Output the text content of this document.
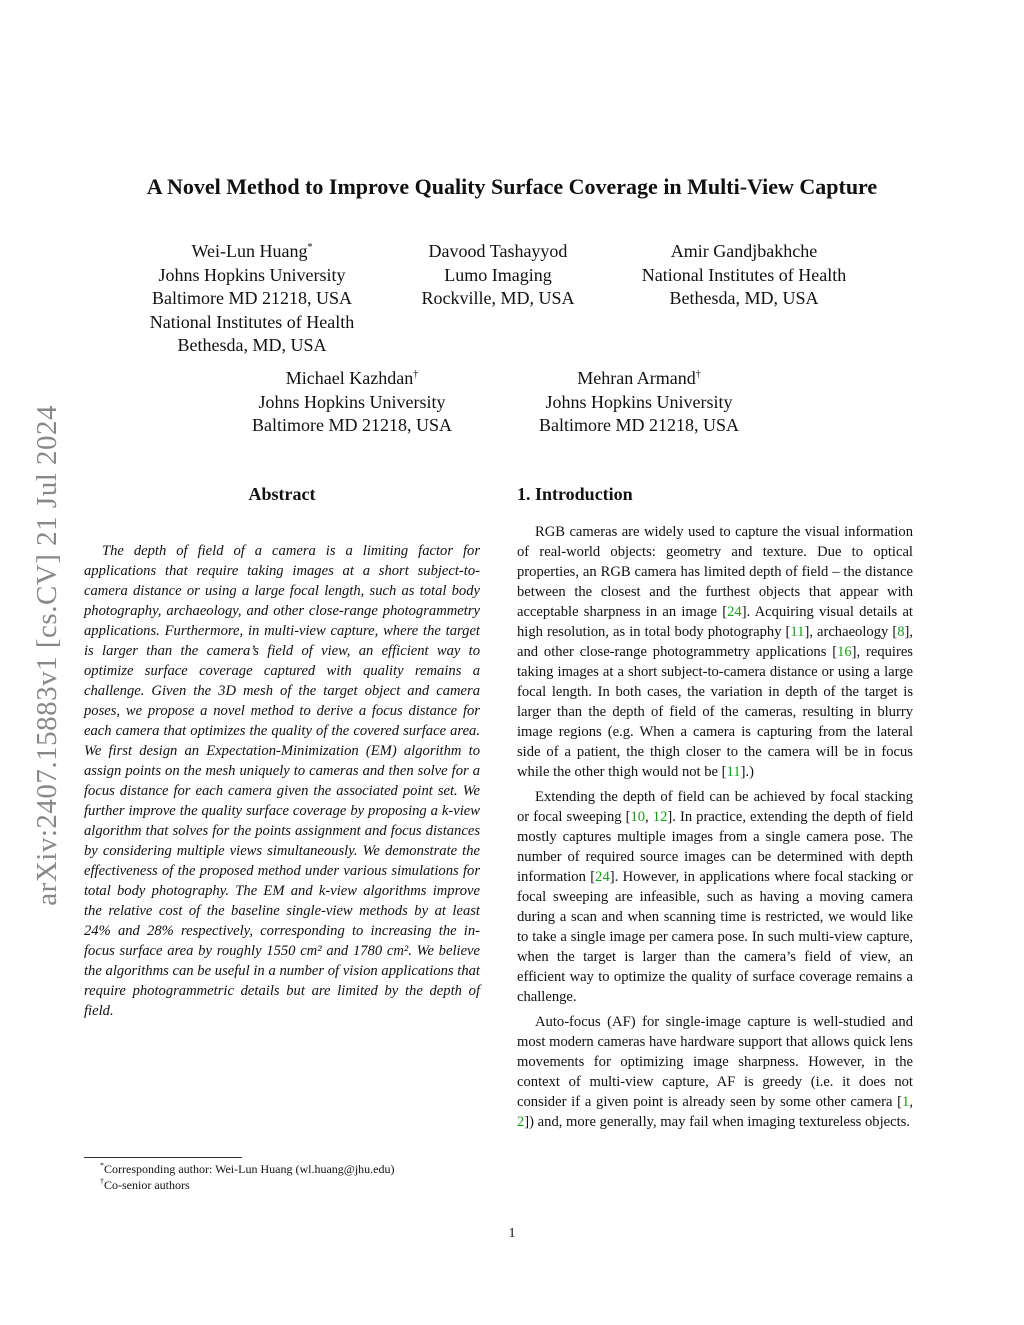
arXiv:2407.15883v1 [cs.CV] 21 Jul 2024
A Novel Method to Improve Quality Surface Coverage in Multi-View Capture
Wei-Lun Huang*
Johns Hopkins University
Baltimore MD 21218, USA
National Institutes of Health
Bethesda, MD, USA
Davood Tashayyod
Lumo Imaging
Rockville, MD, USA
Amir Gandjbakhche
National Institutes of Health
Bethesda, MD, USA
Michael Kazhdan†
Johns Hopkins University
Baltimore MD 21218, USA
Mehran Armand†
Johns Hopkins University
Baltimore MD 21218, USA
Abstract

The depth of field of a camera is a limiting factor for applications that require taking images at a short subject-to-camera distance or using a large focal length, such as total body photography, archaeology, and other close-range photogrammetry applications. Furthermore, in multi-view capture, where the target is larger than the camera’s field of view, an efficient way to optimize surface coverage captured with quality remains a challenge. Given the 3D mesh of the target object and camera poses, we propose a novel method to derive a focus distance for each camera that optimizes the quality of the covered surface area. We first design an Expectation-Minimization (EM) algorithm to assign points on the mesh uniquely to cameras and then solve for a focus distance for each camera given the associated point set. We further improve the quality surface coverage by proposing a k-view algorithm that solves for the points assignment and focus distances by considering multiple views simultaneously. We demonstrate the effectiveness of the proposed method under various simulations for total body photography. The EM and k-view algorithms improve the relative cost of the baseline single-view methods by at least 24% and 28% respectively, corresponding to increasing the in-focus surface area by roughly 1550 cm² and 1780 cm². We believe the algorithms can be useful in a number of vision applications that require photogrammetric details but are limited by the depth of field.

1. Introduction

RGB cameras are widely used to capture the visual information of real-world objects: geometry and texture. Due to optical properties, an RGB camera has limited depth of field – the distance between the closest and the furthest objects that appear with acceptable sharpness in an image [24]. Acquiring visual details at high resolution, as in total body photography [11], archaeology [8], and other close-range photogrammetry applications [16], requires taking images at a short subject-to-camera distance or using a large focal length. In both cases, the variation in depth of the target is larger than the depth of field of the cameras, resulting in blurry image regions (e.g. When a camera is capturing from the lateral side of a patient, the thigh closer to the camera will be in focus while the other thigh would not be [11].)

Extending the depth of field can be achieved by focal stacking or focal sweeping [10, 12]. In practice, extending the depth of field mostly captures multiple images from a single camera pose. The number of required source images can be determined with depth information [24]. However, in applications where focal stacking or focal sweeping are infeasible, such as having a moving camera during a scan and when scanning time is restricted, we would like to take a single image per camera pose. In such multi-view capture, when the target is larger than the camera’s field of view, an efficient way to optimize the quality of surface coverage remains a challenge.

Auto-focus (AF) for single-image capture is well-studied and most modern cameras have hardware support that allows quick lens movements for optimizing image sharpness. However, in the context of multi-view capture, AF is greedy (i.e. it does not consider if a given point is already seen by some other camera [1, 2]) and, more generally, may fail when imaging textureless objects.

*Corresponding author: Wei-Lun Huang (wl.huang@jhu.edu)
†Co-senior authors
1
